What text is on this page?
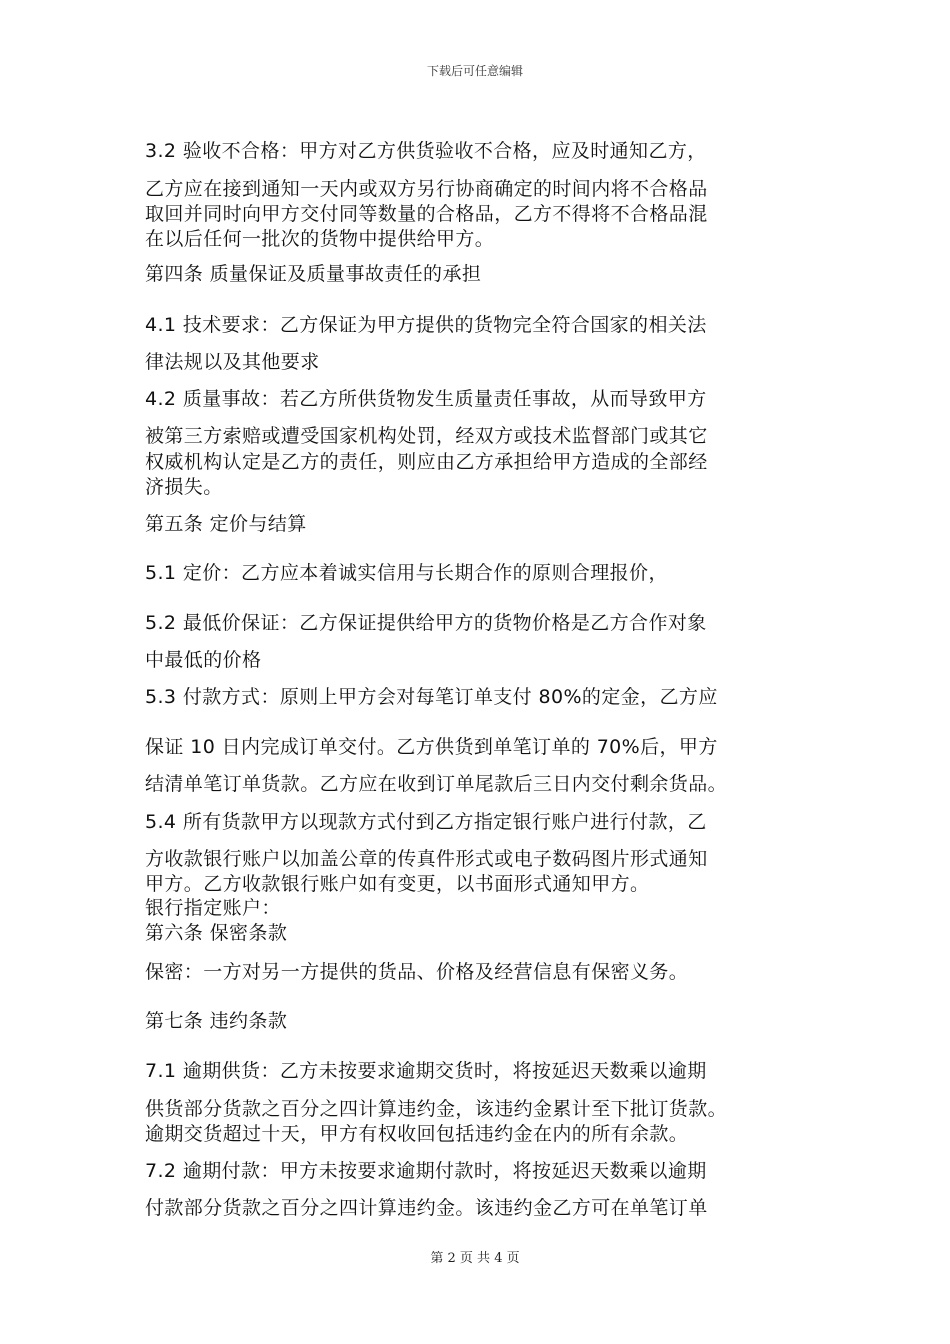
下载后可任意编辑
3.2 验收不合格：甲方对乙方供货验收不合格，应及时通知乙方，
乙方应在接到通知一天内或双方另行协商确定的时间内将不合格品
取回并同时向甲方交付同等数量的合格品，乙方不得将不合格品混
在以后任何一批次的货物中提供给甲方。
第四条 质量保证及质量事故责任的承担
4.1 技术要求：乙方保证为甲方提供的货物完全符合国家的相关法
律法规以及其他要求
4.2 质量事故：若乙方所供货物发生质量责任事故，从而导致甲方
被第三方索赔或遭受国家机构处罚，经双方或技术监督部门或其它
权威机构认定是乙方的责任，则应由乙方承担给甲方造成的全部经
济损失。
第五条 定价与结算
5.1 定价：乙方应本着诚实信用与长期合作的原则合理报价，
5.2 最低价保证：乙方保证提供给甲方的货物价格是乙方合作对象
中最低的价格
5.3 付款方式：原则上甲方会对每笔订单支付 80%的定金，乙方应
保证 10 日内完成订单交付。乙方供货到单笔订单的 70%后，甲方
结清单笔订单货款。乙方应在收到订单尾款后三日内交付剩余货品。
5.4 所有货款甲方以现款方式付到乙方指定银行账户进行付款，乙
方收款银行账户以加盖公章的传真件形式或电子数码图片形式通知
甲方。乙方收款银行账户如有变更，以书面形式通知甲方。
银行指定账户：
第六条 保密条款
保密：一方对另一方提供的货品、价格及经营信息有保密义务。
第七条 违约条款
7.1 逾期供货：乙方未按要求逾期交货时，将按延迟天数乘以逾期
供货部分货款之百分之四计算违约金，该违约金累计至下批订货款。
逾期交货超过十天，甲方有权收回包括违约金在内的所有余款。
7.2 逾期付款：甲方未按要求逾期付款时，将按延迟天数乘以逾期
付款部分货款之百分之四计算违约金。该违约金乙方可在单笔订单
第 2 页 共 4 页
